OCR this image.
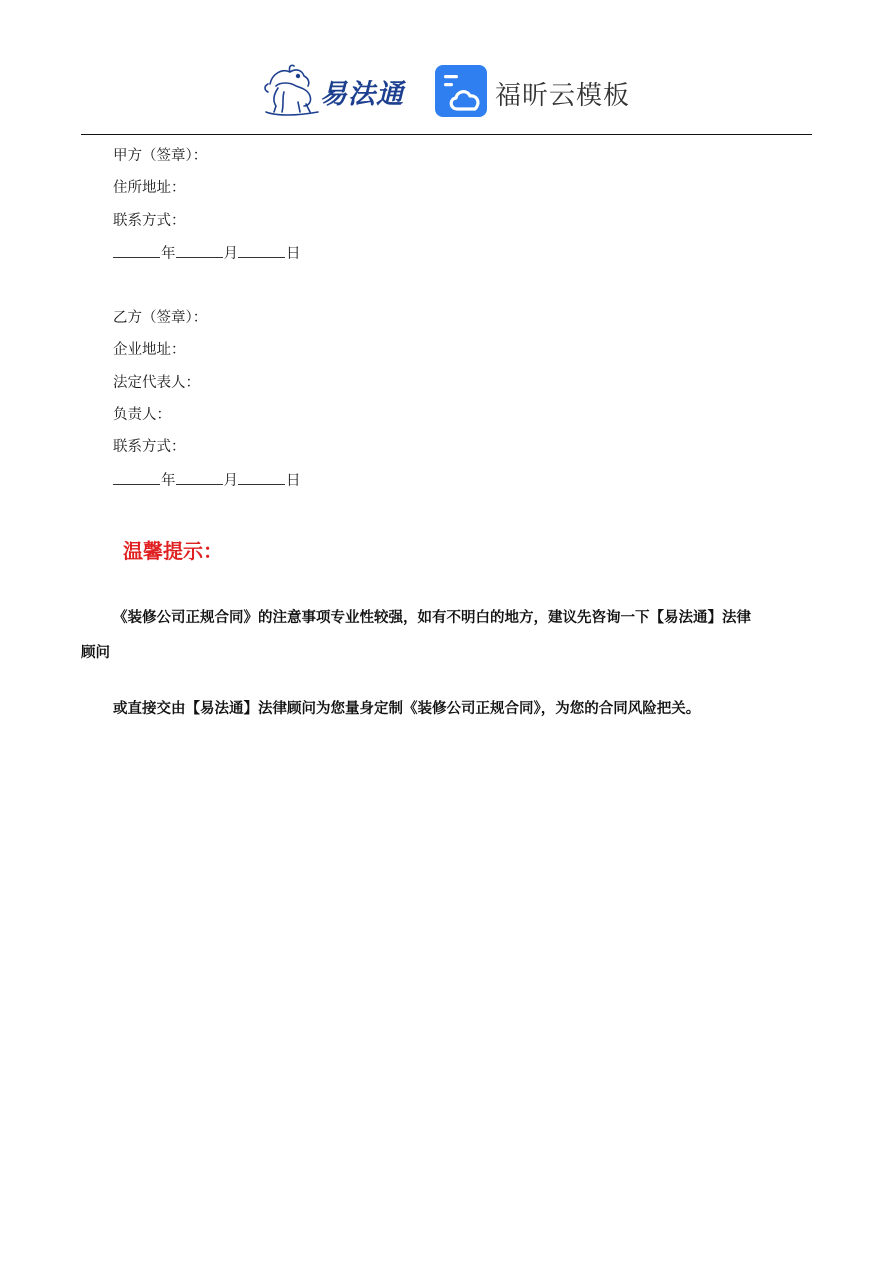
易法通	福昕云模板
甲方（签章）：
住所地址：
联系方式：
年	月	日
乙方（签章）：
企业地址：
法定代表人：
负责人：
联系方式：
年	月	日
温馨提示：
《装修公司正规合同》的注意事项专业性较强，如有不明白的地方，建议先咨询一下【易法通】法律
顾问
或直接交由【易法通】法律顾问为您量身定制《装修公司正规合同》，为您的合同风险把关。
